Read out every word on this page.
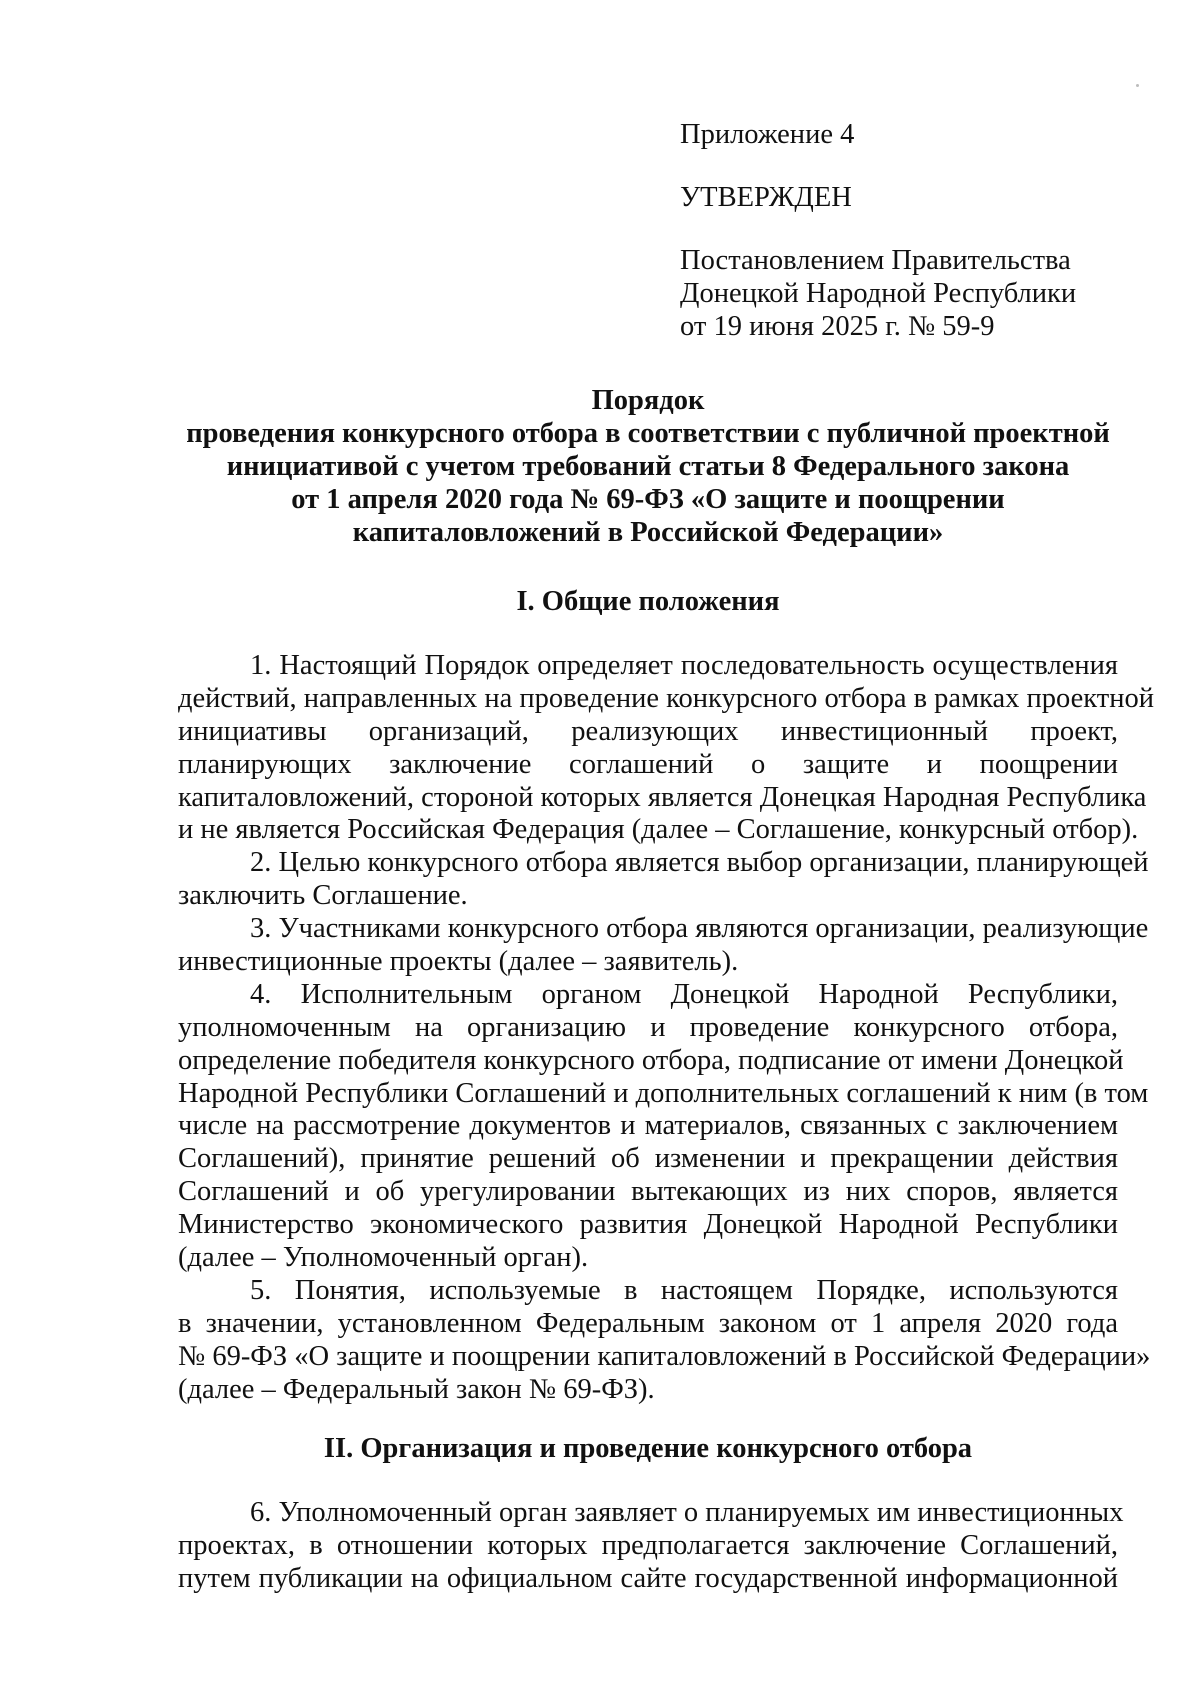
Приложение 4
УТВЕРЖДЕН
Постановлением Правительства
Донецкой Народной Республики
от 19 июня 2025 г. № 59-9
Порядок
проведения конкурсного отбора в соответствии с публичной проектной
инициативой с учетом требований статьи 8 Федерального закона
от 1 апреля 2020 года № 69-ФЗ «О защите и поощрении
капиталовложений в Российской Федерации»
I. Общие положения
1. Настоящий Порядок определяет последовательность осуществления
действий, направленных на проведение конкурсного отбора в рамках проектной
инициативы организаций, реализующих инвестиционный проект,
планирующих заключение соглашений о защите и поощрении
капиталовложений, стороной которых является Донецкая Народная Республика
и не является Российская Федерация (далее – Соглашение, конкурсный отбор).
2. Целью конкурсного отбора является выбор организации, планирующей
заключить Соглашение.
3. Участниками конкурсного отбора являются организации, реализующие
инвестиционные проекты (далее – заявитель).
4. Исполнительным органом Донецкой Народной Республики,
уполномоченным на организацию и проведение конкурсного отбора,
определение победителя конкурсного отбора, подписание от имени Донецкой
Народной Республики Соглашений и дополнительных соглашений к ним (в том
числе на рассмотрение документов и материалов, связанных с заключением
Соглашений), принятие решений об изменении и прекращении действия
Соглашений и об урегулировании вытекающих из них споров, является
Министерство экономического развития Донецкой Народной Республики
(далее – Уполномоченный орган).
5. Понятия, используемые в настоящем Порядке, используются
в значении, установленном Федеральным законом от 1 апреля 2020 года
№ 69-ФЗ «О защите и поощрении капиталовложений в Российской Федерации»
(далее – Федеральный закон № 69-ФЗ).
II. Организация и проведение конкурсного отбора
6. Уполномоченный орган заявляет о планируемых им инвестиционных
проектах, в отношении которых предполагается заключение Соглашений,
путем публикации на официальном сайте государственной информационной
